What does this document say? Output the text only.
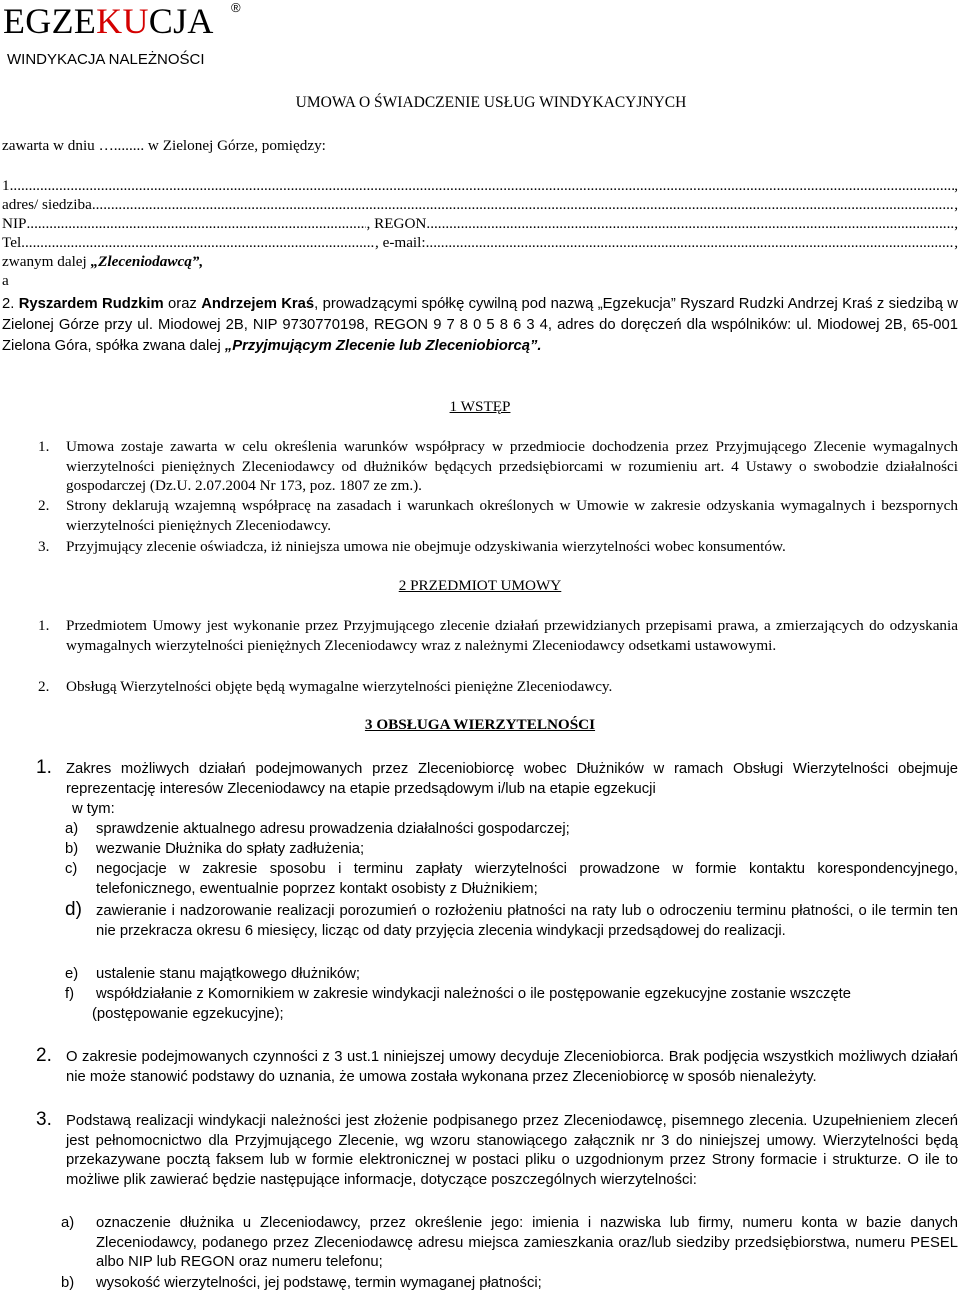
EGZEKUCJA ®
WINDYKACJA NALEŻNOŚCI
UMOWA O ŚWIADCZENIE USŁUG WINDYKACYJNYCH
zawarta w dniu …........ w Zielonej Górze, pomiędzy:
1. .....	,
adres/ siedziba. .....	,
NIP .....	, REGON .....	,
Tel. .....	, e-mail: .....	,
zwanym dalej „Zleceniodawcą”,
a
2. Ryszardem Rudzkim oraz Andrzejem Kraś, prowadzącymi spółkę cywilną pod nazwą „Egzekucja” Ryszard Rudzki Andrzej Kraś z siedzibą w Zielonej Górze przy ul. Miodowej 2B, NIP 9730770198, REGON 9 7 8 0 5 8 6 3 4, adres do doręczeń dla wspólników: ul. Miodowej 2B, 65-001 Zielona Góra, spółka zwana dalej „Przyjmującym Zlecenie lub Zleceniobiorcą”.
1 WSTĘP
1.	Umowa zostaje zawarta w celu określenia warunków współpracy w przedmiocie dochodzenia przez Przyjmującego Zlecenie wymagalnych wierzytelności pieniężnych Zleceniodawcy od dłużników będących przedsiębiorcami w rozumieniu art. 4 Ustawy o swobodzie działalności gospodarczej (Dz.U. 2.07.2004 Nr 173, poz. 1807 ze zm.).
2.	Strony deklarują wzajemną współpracę na zasadach i warunkach określonych w Umowie w zakresie odzyskania wymagalnych i bezspornych wierzytelności pieniężnych Zleceniodawcy.
3.	Przyjmujący zlecenie oświadcza, iż niniejsza umowa nie obejmuje odzyskiwania wierzytelności wobec konsumentów.
2 PRZEDMIOT UMOWY
1.	Przedmiotem Umowy jest wykonanie przez Przyjmującego zlecenie działań przewidzianych przepisami prawa, a zmierzających do odzyskania wymagalnych wierzytelności pieniężnych Zleceniodawcy wraz z należnymi Zleceniodawcy odsetkami ustawowymi.
2.	Obsługą Wierzytelności objęte będą wymagalne wierzytelności pieniężne Zleceniodawcy.
3 OBSŁUGA WIERZYTELNOŚCI
1. Zakres możliwych działań podejmowanych przez Zleceniobiorcę wobec Dłużników w ramach Obsługi Wierzytelności obejmuje reprezentację interesów Zleceniodawcy na etapie przedsądowym i/lub na etapie egzekucji
w tym:
a)	sprawdzenie aktualnego adresu prowadzenia działalności gospodarczej;
b)	wezwanie Dłużnika do spłaty zadłużenia;
c)	negocjacje w zakresie sposobu i terminu zapłaty wierzytelności prowadzone w formie kontaktu korespondencyjnego, telefonicznego, ewentualnie poprzez kontakt osobisty z Dłużnikiem;
d) zawieranie i nadzorowanie realizacji porozumień o rozłożeniu płatności na raty lub o odroczeniu terminu płatności, o ile termin ten nie przekracza okresu 6 miesięcy, licząc od daty przyjęcia zlecenia windykacji przedsądowej do realizacji.
e)	ustalenie stanu majątkowego dłużników;
f)	współdziałanie z Komornikiem w zakresie windykacji należności o ile postępowanie egzekucyjne zostanie wszczęte
(postępowanie egzekucyjne);
2. O zakresie podejmowanych czynności z 3 ust.1 niniejszej umowy decyduje Zleceniobiorca. Brak podjęcia wszystkich możliwych działań nie może stanowić podstawy do uznania, że umowa została wykonana przez Zleceniobiorcę w sposób nienależyty.
3. Podstawą realizacji windykacji należności jest złożenie podpisanego przez Zleceniodawcę, pisemnego zlecenia. Uzupełnieniem zleceń jest pełnomocnictwo dla Przyjmującego Zlecenie, wg wzoru stanowiącego załącznik nr 3 do niniejszej umowy. Wierzytelności będą przekazywane pocztą faksem lub w formie elektronicznej w postaci pliku o uzgodnionym przez Strony formacie i strukturze. O ile to możliwe plik zawierać będzie następujące informacje, dotyczące poszczególnych wierzytelności:
a)	oznaczenie dłużnika u Zleceniodawcy, przez określenie jego: imienia i nazwiska lub firmy, numeru konta w bazie danych Zleceniodawcy, podanego przez Zleceniodawcę adresu miejsca zamieszkania oraz/lub siedziby przedsiębiorstwa, numeru PESEL albo NIP lub REGON oraz numeru telefonu;
b)	wysokość wierzytelności, jej podstawę, termin wymaganej płatności;
